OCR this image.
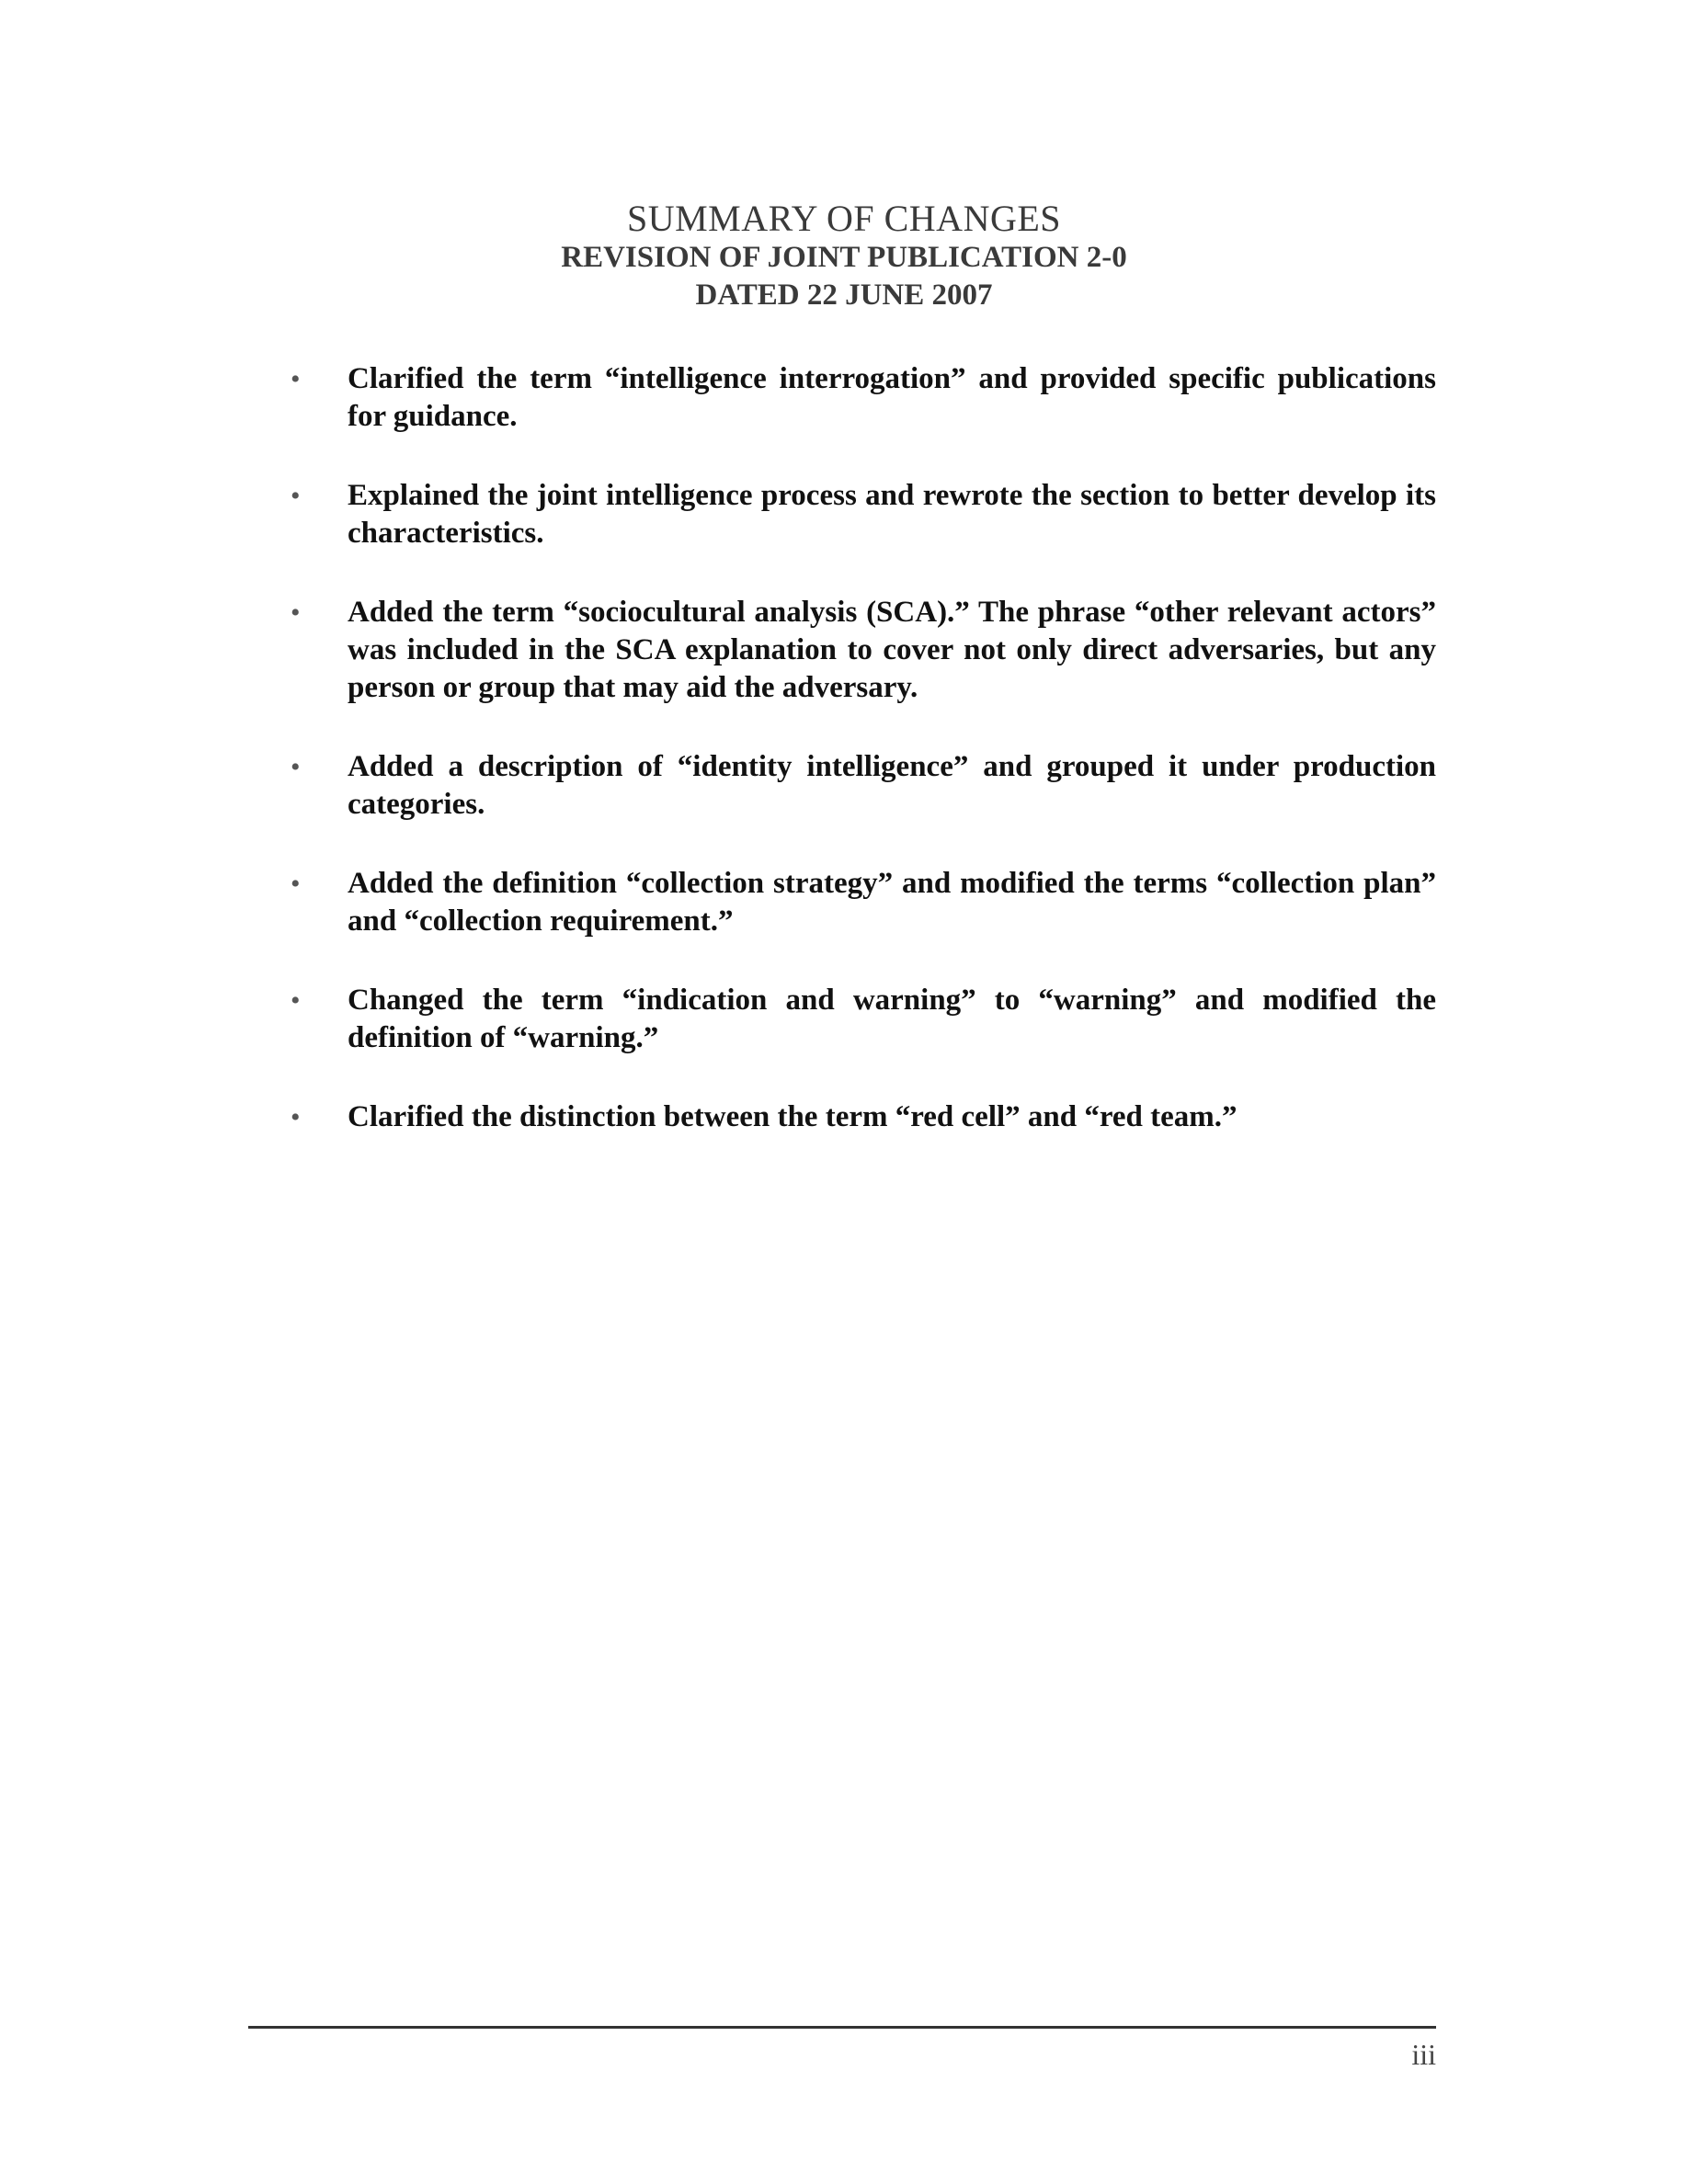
SUMMARY OF CHANGES
REVISION OF JOINT PUBLICATION 2-0
DATED 22 JUNE 2007
• Clarified the term “intelligence interrogation” and provided specific publications for guidance.
• Explained the joint intelligence process and rewrote the section to better develop its characteristics.
• Added the term “sociocultural analysis (SCA).” The phrase “other relevant actors” was included in the SCA explanation to cover not only direct adversaries, but any person or group that may aid the adversary.
• Added a description of “identity intelligence” and grouped it under production categories.
• Added the definition “collection strategy” and modified the terms “collection plan” and “collection requirement.”
• Changed the term “indication and warning” to “warning” and modified the definition of “warning.”
• Clarified the distinction between the term “red cell” and “red team.”
iii
